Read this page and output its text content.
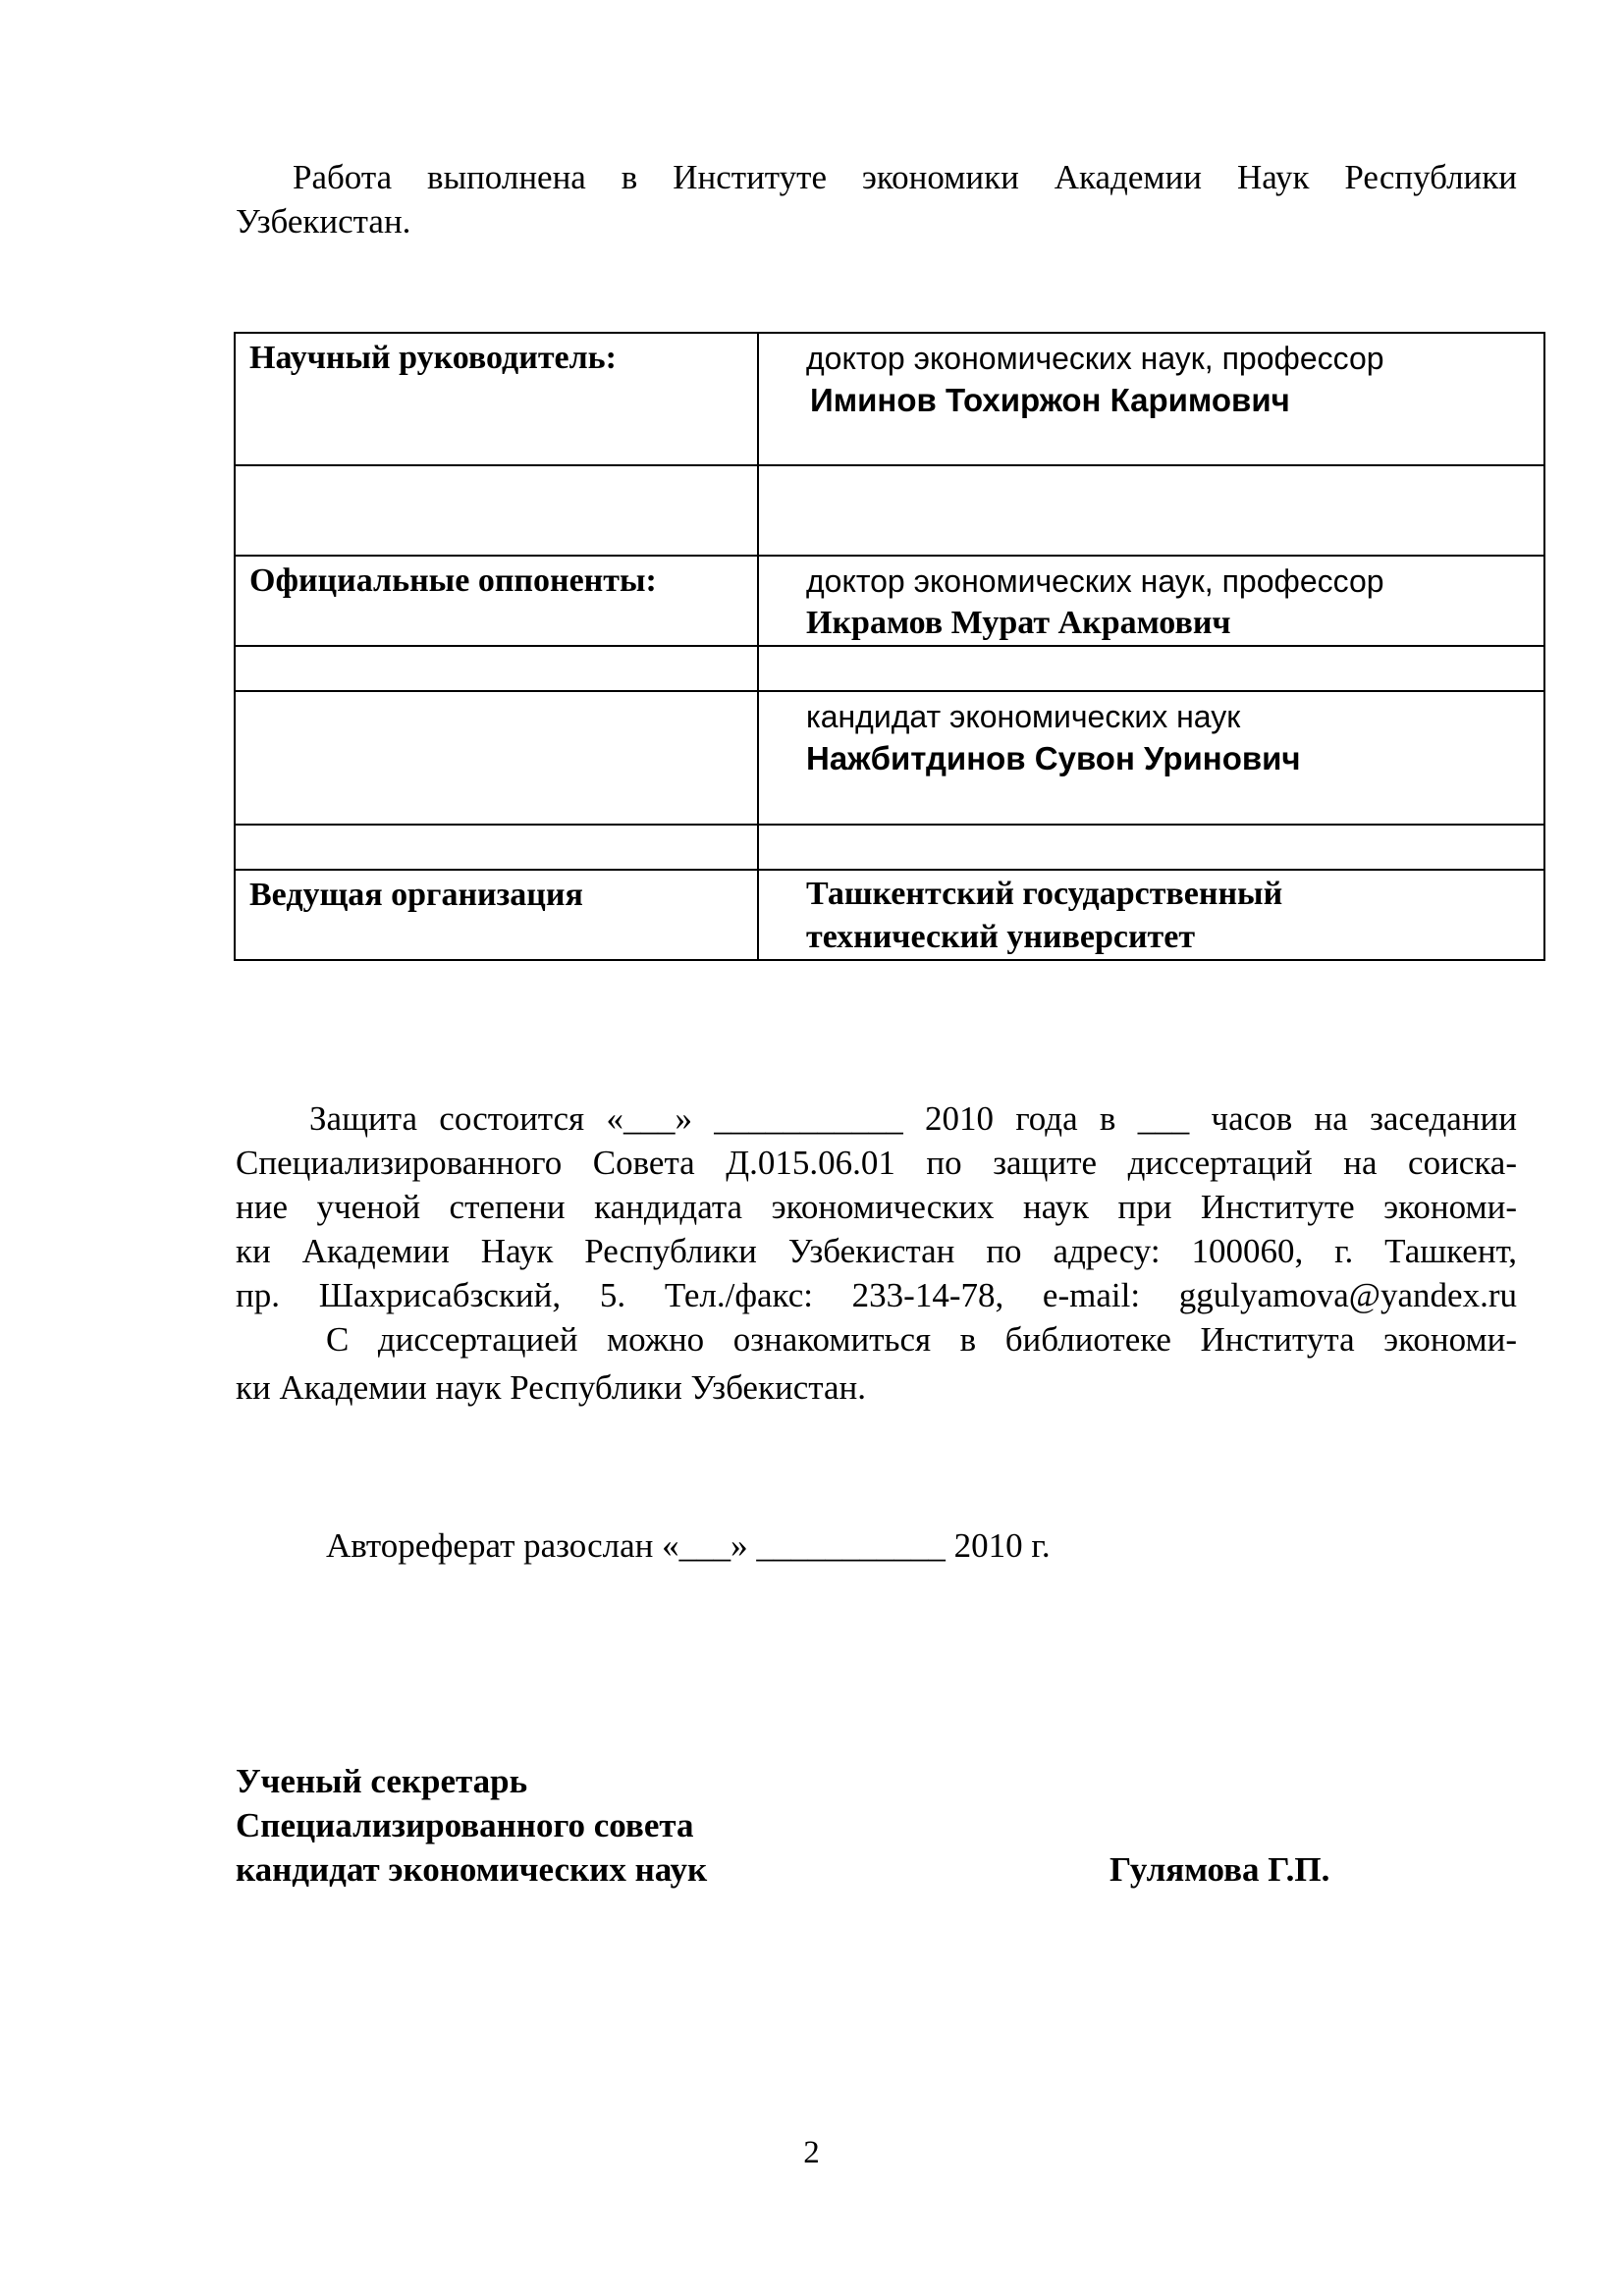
Работа выполнена в Институте экономики Академии Наук Республики
Узбекистан.
Научный руководитель:	доктор экономических наук, профессор
Иминов Тохиржон Каримович

Официальные оппоненты:	доктор экономических наук, профессор
Икрамов Мурат Акрамович

	кандидат экономических наук
Нажбитдинов Сувон Уринович

Ведущая организация	Ташкентский государственный
технический университет
Защита состоится «___» ___________ 2010 года в ___ часов на заседании
Специализированного Совета Д.015.06.01 по защите диссертаций на соиска-
ние ученой степени кандидата экономических наук при Институте экономи-
ки Академии Наук Республики Узбекистан по адресу: 100060, г. Ташкент,
пр. Шахрисабзский, 5. Тел./факс: 233-14-78, e-mail: ggulyamova@yandex.ru
С диссертацией можно ознакомиться в библиотеке Института экономи-
ки Академии наук Республики Узбекистан.
Автореферат разослан «___» ___________ 2010 г.
Ученый секретарь
Специализированного совета
кандидат экономических наук	Гулямова Г.П.
2
